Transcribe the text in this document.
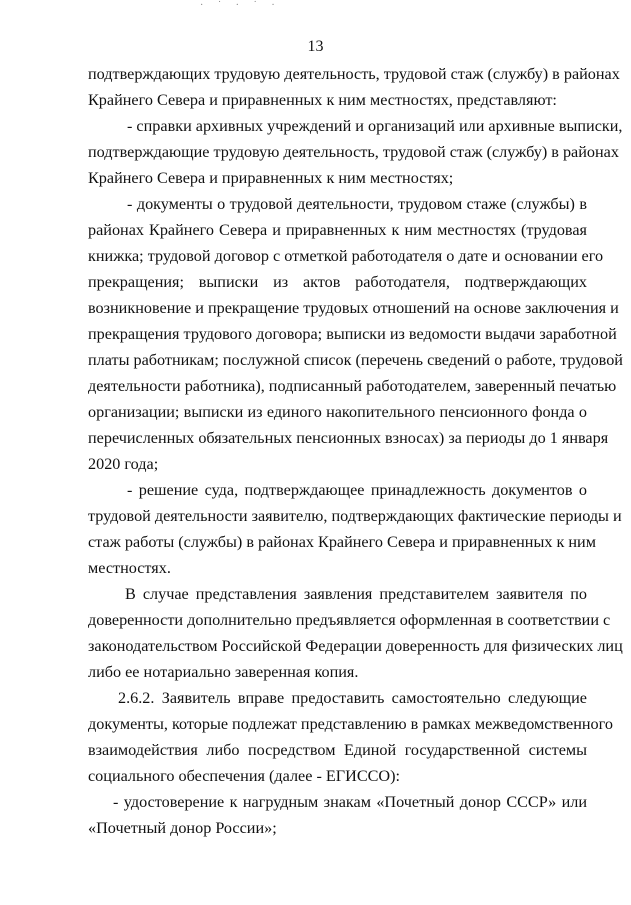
· ˙ · ˙ ·
13
подтверждающих трудовую деятельность, трудовой стаж (службу) в районах
Крайнего Севера и приравненных к ним местностях, представляют:
- справки архивных учреждений и организаций или архивные выписки,
подтверждающие трудовую деятельность, трудовой стаж (службу) в районах
Крайнего Севера и приравненных к ним местностях;
- документы о трудовой деятельности, трудовом стаже (службы) в
районах Крайнего Севера и приравненных к ним местностях (трудовая
книжка; трудовой договор с отметкой работодателя о дате и основании его
прекращения; выписки из актов работодателя, подтверждающих
возникновение и прекращение трудовых отношений на основе заключения и
прекращения трудового договора; выписки из ведомости выдачи заработной
платы работникам; послужной список (перечень сведений о работе, трудовой
деятельности работника), подписанный работодателем, заверенный печатью
организации; выписки из единого накопительного пенсионного фонда о
перечисленных обязательных пенсионных взносах) за периоды до 1 января
2020 года;
- решение суда, подтверждающее принадлежность документов о
трудовой деятельности заявителю, подтверждающих фактические периоды и
стаж работы (службы) в районах Крайнего Севера и приравненных к ним
местностях.
В случае представления заявления представителем заявителя по
доверенности дополнительно предъявляется оформленная в соответствии с
законодательством Российской Федерации доверенность для физических лиц
либо ее нотариально заверенная копия.
2.6.2. Заявитель вправе предоставить самостоятельно следующие
документы, которые подлежат представлению в рамках межведомственного
взаимодействия либо посредством Единой государственной системы
социального обеспечения (далее - ЕГИССО):
- удостоверение к нагрудным знакам «Почетный донор СССР» или
«Почетный донор России»;
